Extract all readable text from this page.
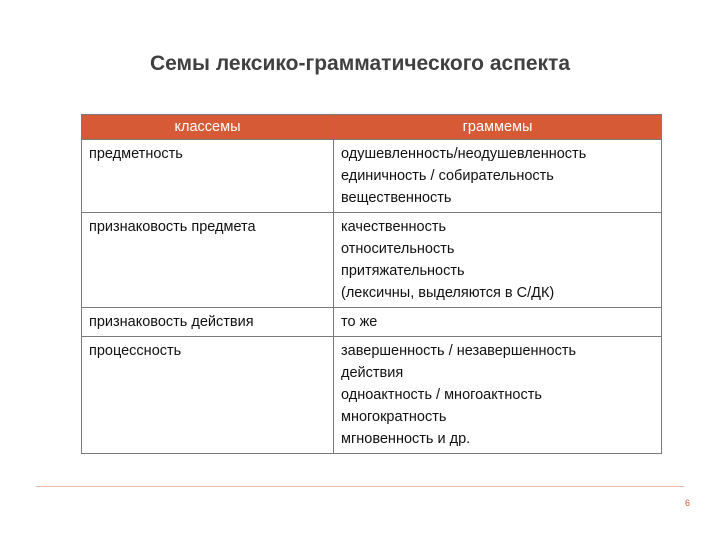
Семы лексико-грамматического аспекта
классемы	граммемы

предметность	одушевленность/неодушевленность
единичность / собирательность
вещественность

признаковость предмета	качественность
относительность
притяжательность
(лексичны, выделяются в С/ДК)

признаковость действия	то же

процессность	завершенность / незавершенность
действия
одноактность / многоактность
многократность
мгновенность и др.
6
